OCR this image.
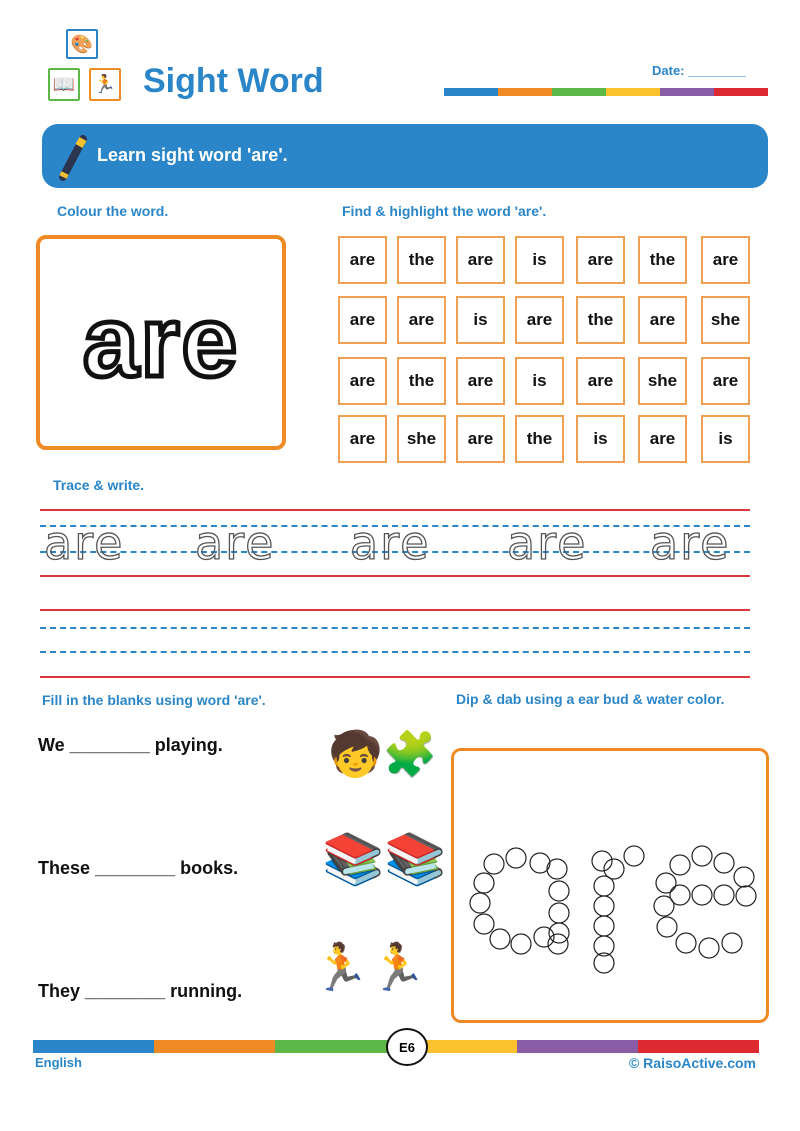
🎨
📖 🏃 Sight Word	Date: ________
Learn sight word 'are'.
Colour the word.
are
Find & highlight the word 'are'.
are	the	are	is	are	the	are
are	are	is	are	the	are	she
are	the	are	is	are	she	are
are	she	are	the	is	are	is
Trace & write.
are are are are are
Fill in the blanks using word 'are'.
We ________ playing.
These ________ books.
They ________ running.
🧒🧩
📚📚
🏃🏃
Dip & dab using a ear bud & water color.
E6
English	© RaisoActive.com
